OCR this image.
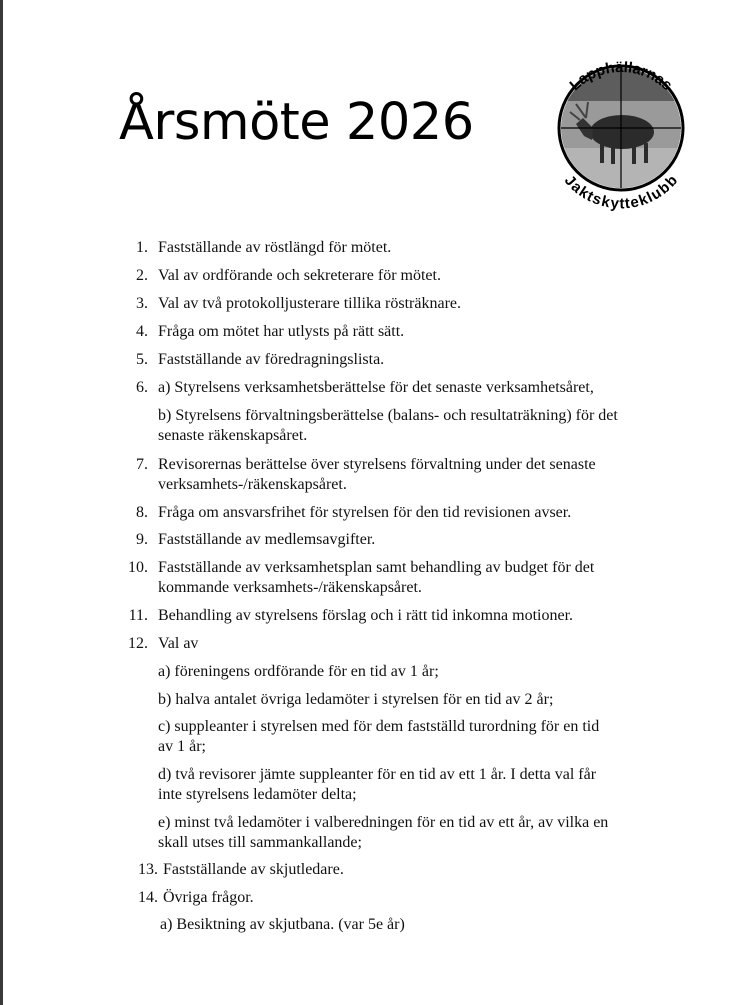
Årsmöte 2026
Lapphällarnas
Jaktskytteklubb
1. Fastställande av röstlängd för mötet.
2. Val av ordförande och sekreterare för mötet.
3. Val av två protokolljusterare tillika rösträknare.
4. Fråga om mötet har utlysts på rätt sätt.
5. Fastställande av föredragningslista.
6. a) Styrelsens verksamhetsberättelse för det senaste verksamhetsåret,
b) Styrelsens förvaltningsberättelse (balans- och resultaträkning) för det
senaste räkenskapsåret.
7. Revisorernas berättelse över styrelsens förvaltning under det senaste
verksamhets-/räkenskapsåret.
8. Fråga om ansvarsfrihet för styrelsen för den tid revisionen avser.
9. Fastställande av medlemsavgifter.
10. Fastställande av verksamhetsplan samt behandling av budget för det
kommande verksamhets-/räkenskapsåret.
11. Behandling av styrelsens förslag och i rätt tid inkomna motioner.
12. Val av
a) föreningens ordförande för en tid av 1 år;
b) halva antalet övriga ledamöter i styrelsen för en tid av 2 år;
c) suppleanter i styrelsen med för dem fastställd turordning för en tid
av 1 år;
d) två revisorer jämte suppleanter för en tid av ett 1 år. I detta val får
inte styrelsens ledamöter delta;
e) minst två ledamöter i valberedningen för en tid av ett år, av vilka en
skall utses till sammankallande;
13. Fastställande av skjutledare.
14. Övriga frågor.
a) Besiktning av skjutbana. (var 5e år)
